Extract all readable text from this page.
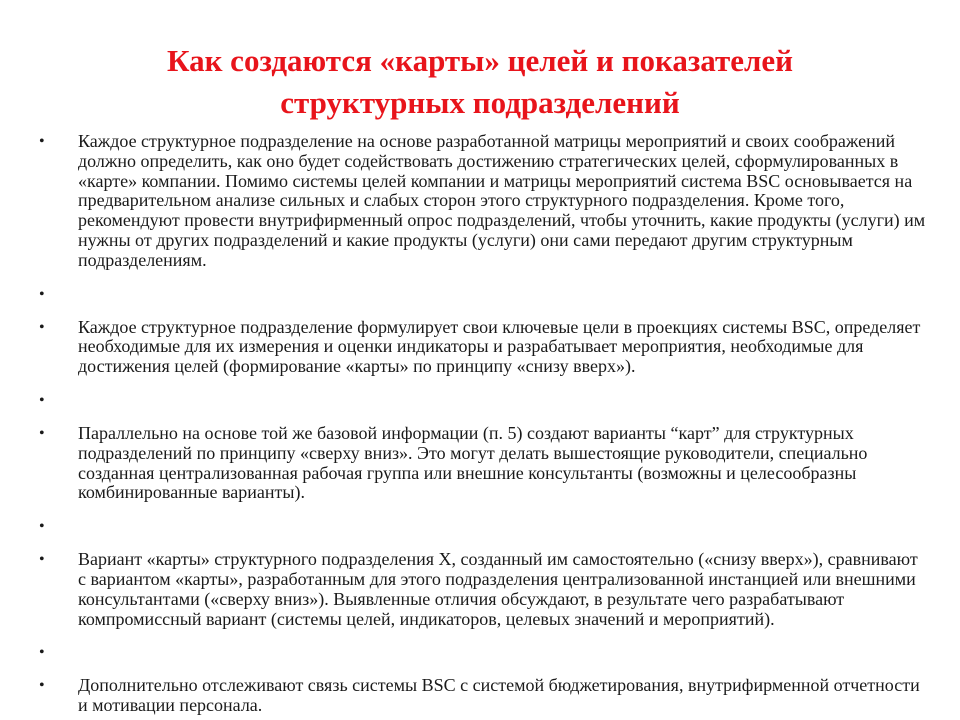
Как создаются «карты» целей и показателей
структурных подразделений
• Каждое структурное подразделение на основе разработанной матрицы мероприятий и своих соображений должно определить, как оно будет содействовать достижению стратегических целей, сформулированных в «карте» компании. Помимо системы целей компании и матрицы мероприятий система BSC основывается на предварительном анализе сильных и слабых сторон этого структурного подразделения. Кроме того, рекомендуют провести внутрифирменный опрос подразделений, чтобы уточнить, какие продукты (услуги) им нужны от других подразделений и какие продукты (услуги) они сами передают другим структурным подразделениям.
•
• Каждое структурное подразделение формулирует свои ключевые цели в проекциях системы BSC, определяет необходимые для их измерения и оценки индикаторы и разрабатывает мероприятия, необходимые для достижения целей (формирование «карты» по принципу «снизу вверх»).
•
• Параллельно на основе той же базовой информации (п. 5) создают варианты “карт” для структурных подразделений по принципу «сверху вниз». Это могут делать вышестоящие руководители, специально созданная централизованная рабочая группа или внешние консультанты (возможны и целесообразны комбинированные варианты).
•
• Вариант «карты» структурного подразделения X, созданный им самостоятельно («снизу вверх»), сравнивают с вариантом «карты», разработанным для этого подразделения централизованной инстанцией или внешними консультантами («сверху вниз»). Выявленные отличия обсуждают, в результате чего разрабатывают компромиссный вариант (системы целей, индикаторов, целевых значений и мероприятий).
•
• Дополнительно отслеживают связь системы BSC с системой бюджетирования, внутрифирменной отчетности и мотивации персонала.
